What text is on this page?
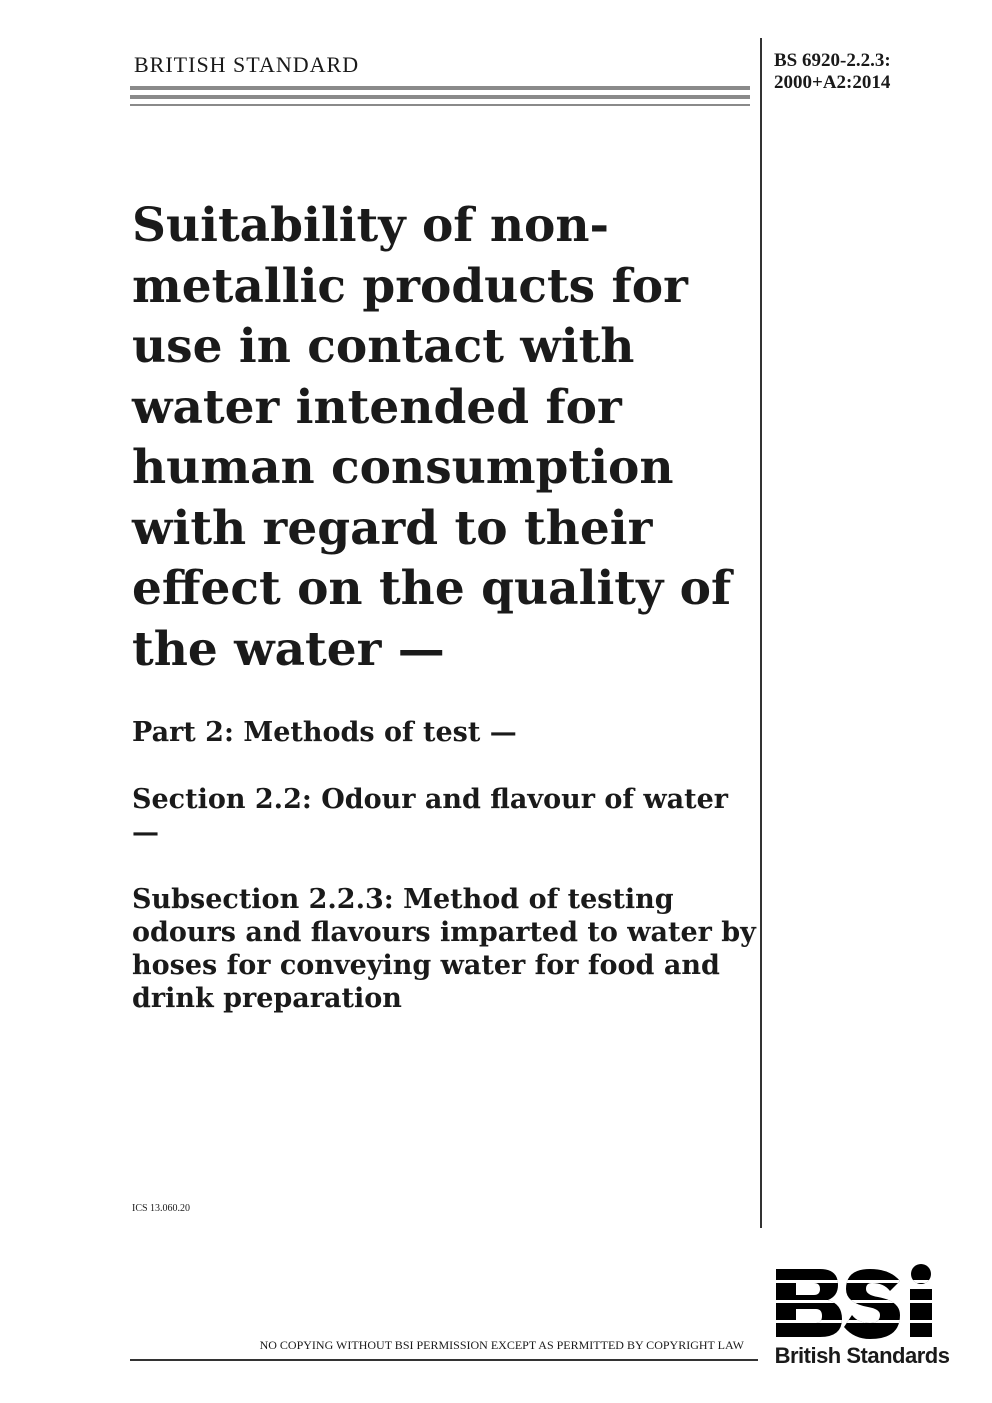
BRITISH STANDARD	BS 6920-2.2.3:
2000+A2:2014
Suitability of non-metallic products for use in contact with water intended for human consumption with regard to their effect on the quality of the water —
Part 2: Methods of test —
Section 2.2: Odour and flavour of water —
Subsection 2.2.3: Method of testing odours and flavours imparted to water by hoses for conveying water for food and drink preparation
ICS 13.060.20
NO COPYING WITHOUT BSI PERMISSION EXCEPT AS PERMITTED BY COPYRIGHT LAW British Standards
